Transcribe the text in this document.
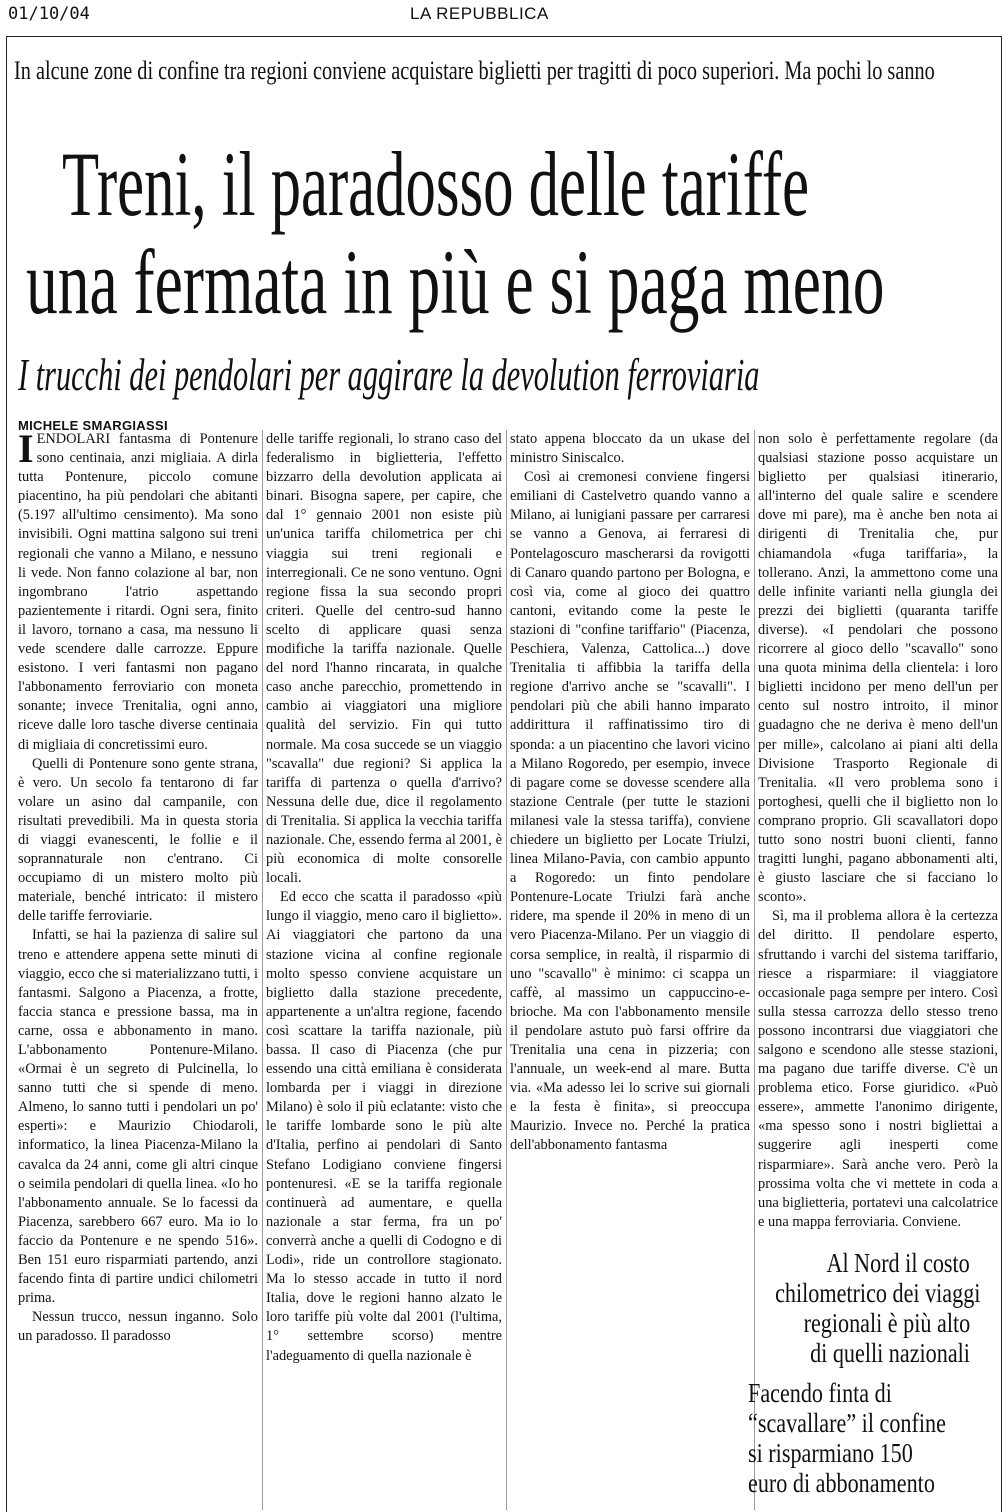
01/10/04	LA REPUBBLICA
In alcune zone di confine tra regioni conviene acquistare biglietti per tragitti di poco superiori. Ma pochi lo sanno
Treni, il paradosso delle tariffe
una fermata in più e si paga meno
I trucchi dei pendolari per aggirare la devolution ferroviaria
MICHELE SMARGIASSI

IENDOLARI fantasma di Pontenure sono centinaia, anzi migliaia. A dirla tutta Pontenure, piccolo comune piacentino, ha più pendolari che abitanti (5.197 all'ultimo censimento). Ma sono invisibili. Ogni mattina salgono sui treni regionali che vanno a Milano, e nessuno li vede. Non fanno colazione al bar, non ingombrano l'atrio aspettando pazientemente i ritardi. Ogni sera, finito il lavoro, tornano a casa, ma nessuno li vede scendere dalle carrozze. Eppure esistono. I veri fantasmi non pagano l'abbonamento ferroviario con moneta sonante; invece Trenitalia, ogni anno, riceve dalle loro tasche diverse centinaia di migliaia di concretissimi euro.

Quelli di Pontenure sono gente strana, è vero. Un secolo fa tentarono di far volare un asino dal campanile, con risultati prevedibili. Ma in questa storia di viaggi evanescenti, le follie e il soprannaturale non c'entrano. Ci occupiamo di un mistero molto più materiale, benché intricato: il mistero delle tariffe ferroviarie.

Infatti, se hai la pazienza di salire sul treno e attendere appena sette minuti di viaggio, ecco che si materializzano tutti, i fantasmi. Salgono a Piacenza, a frotte, faccia stanca e pressione bassa, ma in carne, ossa e abbonamento in mano. L'abbonamento Pontenure-Milano. «Ormai è un segreto di Pulcinella, lo sanno tutti che si spende di meno. Almeno, lo sanno tutti i pendolari un po' esperti»: e Maurizio Chiodaroli, informatico, la linea Piacenza-Milano la cavalca da 24 anni, come gli altri cinque o seimila pendolari di quella linea. «Io ho l'abbonamento annuale. Se lo facessi da Piacenza, sarebbero 667 euro. Ma io lo faccio da Pontenure e ne spendo 516». Ben 151 euro risparmiati partendo, anzi facendo finta di partire undici chilometri prima.

Nessun trucco, nessun inganno. Solo un paradosso. Il paradosso

delle tariffe regionali, lo strano caso del federalismo in biglietteria, l'effetto bizzarro della devolution applicata ai binari. Bisogna sapere, per capire, che dal 1° gennaio 2001 non esiste più un'unica tariffa chilometrica per chi viaggia sui treni regionali e interregionali. Ce ne sono ventuno. Ogni regione fissa la sua secondo propri criteri. Quelle del centro-sud hanno scelto di applicare quasi senza modifiche la tariffa nazionale. Quelle del nord l'hanno rincarata, in qualche caso anche parecchio, promettendo in cambio ai viaggiatori una migliore qualità del servizio. Fin qui tutto normale. Ma cosa succede se un viaggio "scavalla" due regioni? Si applica la tariffa di partenza o quella d'arrivo? Nessuna delle due, dice il regolamento di Trenitalia. Si applica la vecchia tariffa nazionale. Che, essendo ferma al 2001, è più economica di molte consorelle locali.

Ed ecco che scatta il paradosso «più lungo il viaggio, meno caro il biglietto». Ai viaggiatori che partono da una stazione vicina al confine regionale molto spesso conviene acquistare un biglietto dalla stazione precedente, appartenente a un'altra regione, facendo così scattare la tariffa nazionale, più bassa. Il caso di Piacenza (che pur essendo una città emiliana è considerata lombarda per i viaggi in direzione Milano) è solo il più eclatante: visto che le tariffe lombarde sono le più alte d'Italia, perfino ai pendolari di Santo Stefano Lodigiano conviene fingersi pontenuresi. «E se la tariffa regionale continuerà ad aumentare, e quella nazionale a star ferma, fra un po' converrà anche a quelli di Codogno e di Lodi», ride un controllore stagionato. Ma lo stesso accade in tutto il nord Italia, dove le regioni hanno alzato le loro tariffe più volte dal 2001 (l'ultima, 1° settembre scorso) mentre l'adeguamento di quella nazionale è

stato appena bloccato da un ukase del ministro Siniscalco.

Così ai cremonesi conviene fingersi emiliani di Castelvetro quando vanno a Milano, ai lunigiani passare per carraresi se vanno a Genova, ai ferraresi di Pontelagoscuro mascherarsi da rovigotti di Canaro quando partono per Bologna, e così via, come al gioco dei quattro cantoni, evitando come la peste le stazioni di "confine tariffario" (Piacenza, Peschiera, Valenza, Cattolica...) dove Trenitalia ti affibbia la tariffa della regione d'arrivo anche se "scavalli". I pendolari più che abili hanno imparato addirittura il raffinatissimo tiro di sponda: a un piacentino che lavori vicino a Milano Rogoredo, per esempio, invece di pagare come se dovesse scendere alla stazione Centrale (per tutte le stazioni milanesi vale la stessa tariffa), conviene chiedere un biglietto per Locate Triulzi, linea Milano-Pavia, con cambio appunto a Rogoredo: un finto pendolare Pontenure-Locate Triulzi farà anche ridere, ma spende il 20% in meno di un vero Piacenza-Milano. Per un viaggio di corsa semplice, in realtà, il risparmio di uno "scavallo" è minimo: ci scappa un caffè, al massimo un cappuccino-e-brioche. Ma con l'abbonamento mensile il pendolare astuto può farsi offrire da Trenitalia una cena in pizzeria; con l'annuale, un week-end al mare. Butta via. «Ma adesso lei lo scrive sui giornali e la festa è finita», si preoccupa Maurizio. Invece no. Perché la pratica dell'abbonamento fantasma

non solo è perfettamente regolare (da qualsiasi stazione posso acquistare un biglietto per qualsiasi itinerario, all'interno del quale salire e scendere dove mi pare), ma è anche ben nota ai dirigenti di Trenitalia che, pur chiamandola «fuga tariffaria», la tollerano. Anzi, la ammettono come una delle infinite varianti nella giungla dei prezzi dei biglietti (quaranta tariffe diverse). «I pendolari che possono ricorrere al gioco dello "scavallo" sono una quota minima della clientela: i loro biglietti incidono per meno dell'un per cento sul nostro introito, il minor guadagno che ne deriva è meno dell'un per mille», calcolano ai piani alti della Divisione Trasporto Regionale di Trenitalia. «Il vero problema sono i portoghesi, quelli che il biglietto non lo comprano proprio. Gli scavallatori dopo tutto sono nostri buoni clienti, fanno tragitti lunghi, pagano abbonamenti alti, è giusto lasciare che si facciano lo sconto».

Sì, ma il problema allora è la certezza del diritto. Il pendolare esperto, sfruttando i varchi del sistema tariffario, riesce a risparmiare: il viaggiatore occasionale paga sempre per intero. Così sulla stessa carrozza dello stesso treno possono incontrarsi due viaggiatori che salgono e scendono alle stesse stazioni, ma pagano due tariffe diverse. C'è un problema etico. Forse giuridico. «Può essere», ammette l'anonimo dirigente, «ma spesso sono i nostri bigliettai a suggerire agli inesperti come risparmiare». Sarà anche vero. Però la prossima volta che vi mettete in coda a una biglietteria, portatevi una calcolatrice e una mappa ferroviaria. Conviene.

Al Nord il costo
chilometrico dei viaggi
regionali è più alto
di quelli nazionali

Facendo finta di
“scavallare” il confine
si risparmiano 150
euro di abbonamento
